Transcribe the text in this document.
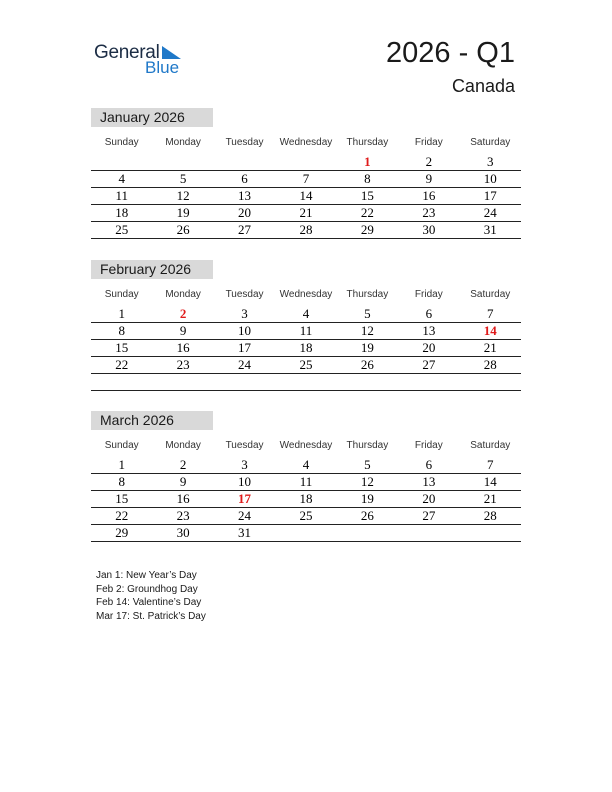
General
Blue	2026 - Q1
Canada
January 2026
Sunday	Monday	Tuesday	Wednesday	Thursday	Friday	Saturday
				1	2	3
4	5	6	7	8	9	10
11	12	13	14	15	16	17
18	19	20	21	22	23	24
25	26	27	28	29	30	31
February 2026
Sunday	Monday	Tuesday	Wednesday	Thursday	Friday	Saturday
1	2	3	4	5	6	7
8	9	10	11	12	13	14
15	16	17	18	19	20	21
22	23	24	25	26	27	28

March 2026
Sunday	Monday	Tuesday	Wednesday	Thursday	Friday	Saturday
1	2	3	4	5	6	7
8	9	10	11	12	13	14
15	16	17	18	19	20	21
22	23	24	25	26	27	28
29	30	31				
Jan 1: New Year’s Day
Feb 2: Groundhog Day
Feb 14: Valentine’s Day
Mar 17: St. Patrick’s Day
